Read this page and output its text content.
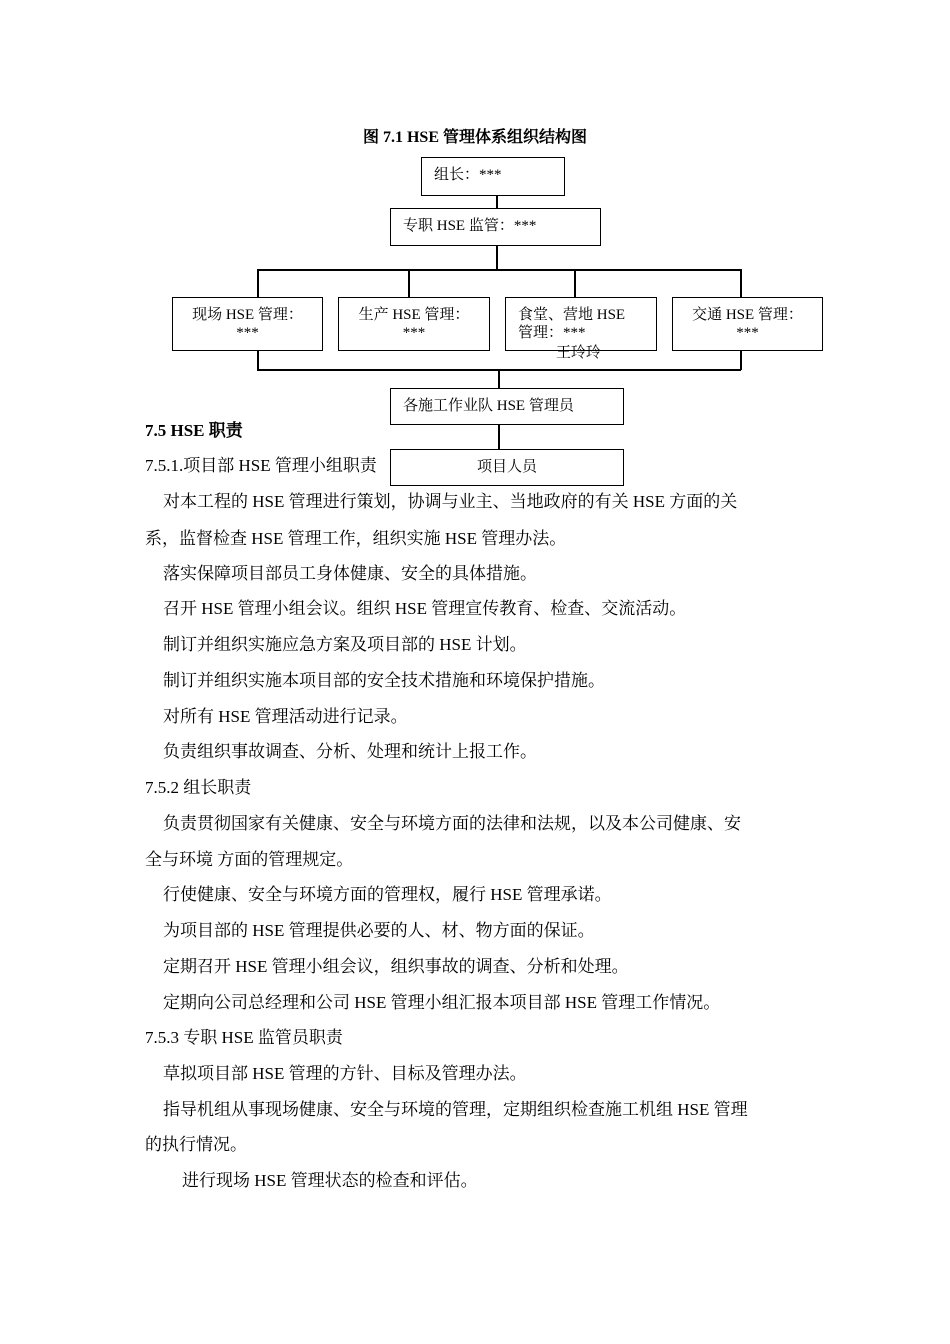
图 7.1 HSE 管理体系组织结构图
组长：***
专职 HSE 监管：***
现场 HSE 管理：
***
生产 HSE 管理：
***
食堂、营地 HSE
管理：***
交通 HSE 管理：
***
王玲玲
各施工作业队 HSE 管理员
7.5 HSE 职责
7.5.1.项目部 HSE 管理小组职责	项目人员
对本工程的 HSE 管理进行策划，协调与业主、当地政府的有关 HSE 方面的关
系，监督检查 HSE 管理工作，组织实施 HSE 管理办法。
落实保障项目部员工身体健康、安全的具体措施。
召开 HSE 管理小组会议。组织 HSE 管理宣传教育、检查、交流活动。
制订并组织实施应急方案及项目部的 HSE 计划。
制订并组织实施本项目部的安全技术措施和环境保护措施。
对所有 HSE 管理活动进行记录。
负责组织事故调查、分析、处理和统计上报工作。
7.5.2 组长职责
负责贯彻国家有关健康、安全与环境方面的法律和法规，以及本公司健康、安
全与环境 方面的管理规定。
行使健康、安全与环境方面的管理权，履行 HSE 管理承诺。
为项目部的 HSE 管理提供必要的人、材、物方面的保证。
定期召开 HSE 管理小组会议，组织事故的调查、分析和处理。
定期向公司总经理和公司 HSE 管理小组汇报本项目部 HSE 管理工作情况。
7.5.3 专职 HSE 监管员职责
草拟项目部 HSE 管理的方针、目标及管理办法。
指导机组从事现场健康、安全与环境的管理，定期组织检查施工机组 HSE 管理
的执行情况。
进行现场 HSE 管理状态的检查和评估。
